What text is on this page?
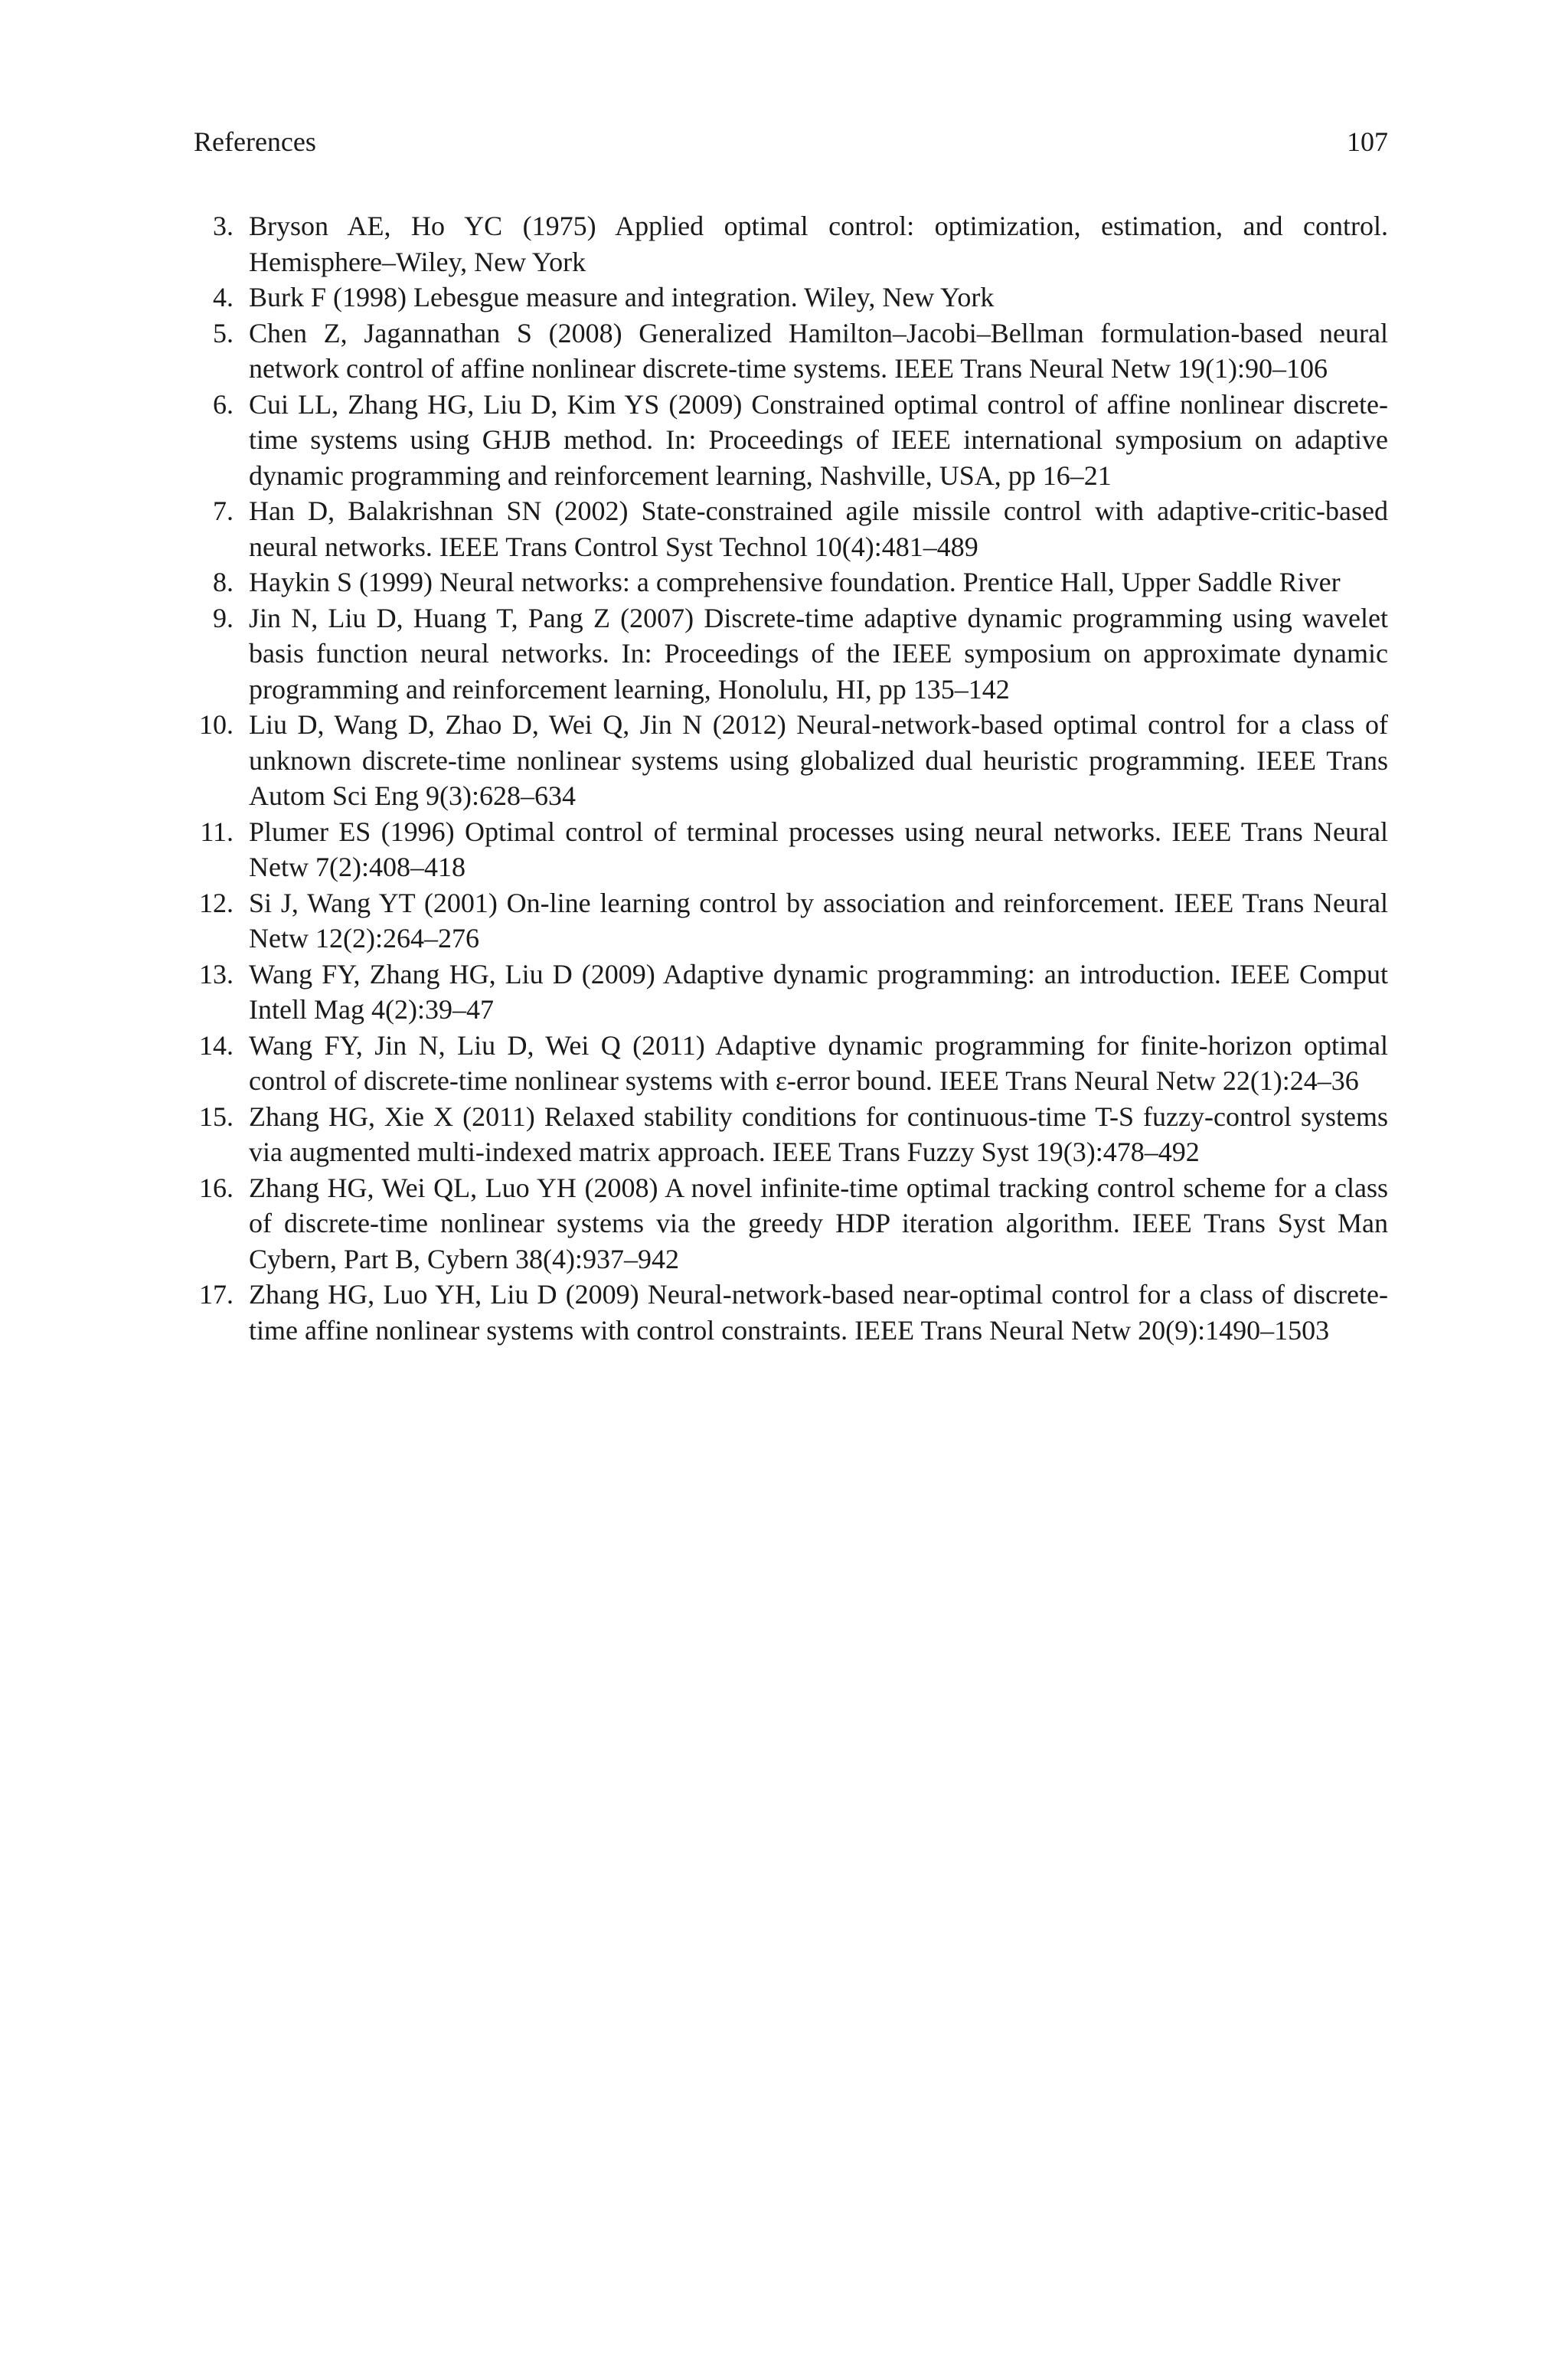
References	107
3. Bryson AE, Ho YC (1975) Applied optimal control: optimization, estimation, and control. Hemisphere–Wiley, New York
4. Burk F (1998) Lebesgue measure and integration. Wiley, New York
5. Chen Z, Jagannathan S (2008) Generalized Hamilton–Jacobi–Bellman formulation-based neural network control of affine nonlinear discrete-time systems. IEEE Trans Neural Netw 19(1):90–106
6. Cui LL, Zhang HG, Liu D, Kim YS (2009) Constrained optimal control of affine nonlinear discrete-time systems using GHJB method. In: Proceedings of IEEE international symposium on adaptive dynamic programming and reinforcement learning, Nashville, USA, pp 16–21
7. Han D, Balakrishnan SN (2002) State-constrained agile missile control with adaptive-critic-based neural networks. IEEE Trans Control Syst Technol 10(4):481–489
8. Haykin S (1999) Neural networks: a comprehensive foundation. Prentice Hall, Upper Saddle River
9. Jin N, Liu D, Huang T, Pang Z (2007) Discrete-time adaptive dynamic programming using wavelet basis function neural networks. In: Proceedings of the IEEE symposium on approximate dynamic programming and reinforcement learning, Honolulu, HI, pp 135–142
10. Liu D, Wang D, Zhao D, Wei Q, Jin N (2012) Neural-network-based optimal control for a class of unknown discrete-time nonlinear systems using globalized dual heuristic programming. IEEE Trans Autom Sci Eng 9(3):628–634
11. Plumer ES (1996) Optimal control of terminal processes using neural networks. IEEE Trans Neural Netw 7(2):408–418
12. Si J, Wang YT (2001) On-line learning control by association and reinforcement. IEEE Trans Neural Netw 12(2):264–276
13. Wang FY, Zhang HG, Liu D (2009) Adaptive dynamic programming: an introduction. IEEE Comput Intell Mag 4(2):39–47
14. Wang FY, Jin N, Liu D, Wei Q (2011) Adaptive dynamic programming for finite-horizon optimal control of discrete-time nonlinear systems with ε-error bound. IEEE Trans Neural Netw 22(1):24–36
15. Zhang HG, Xie X (2011) Relaxed stability conditions for continuous-time T-S fuzzy-control systems via augmented multi-indexed matrix approach. IEEE Trans Fuzzy Syst 19(3):478–492
16. Zhang HG, Wei QL, Luo YH (2008) A novel infinite-time optimal tracking control scheme for a class of discrete-time nonlinear systems via the greedy HDP iteration algorithm. IEEE Trans Syst Man Cybern, Part B, Cybern 38(4):937–942
17. Zhang HG, Luo YH, Liu D (2009) Neural-network-based near-optimal control for a class of discrete-time affine nonlinear systems with control constraints. IEEE Trans Neural Netw 20(9):1490–1503
